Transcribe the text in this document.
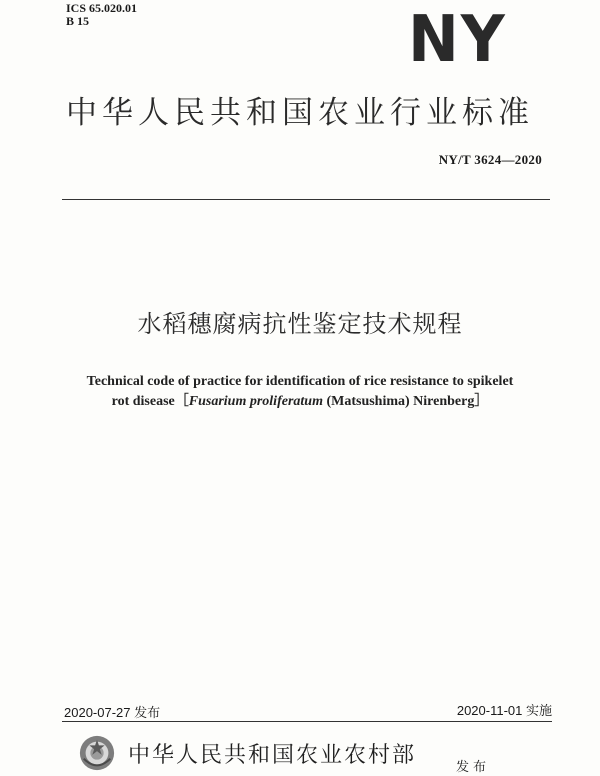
ICS 65.020.01
B 15	NY
中华人民共和国农业行业标准
NY/T 3624—2020
水稻穗腐病抗性鉴定技术规程
Technical code of practice for identification of rice resistance to spikelet
rot disease［Fusarium proliferatum (Matsushima) Nirenberg］
2020-07-27 发布	2020-11-01 实施
中华人民共和国农业农村部	发布
